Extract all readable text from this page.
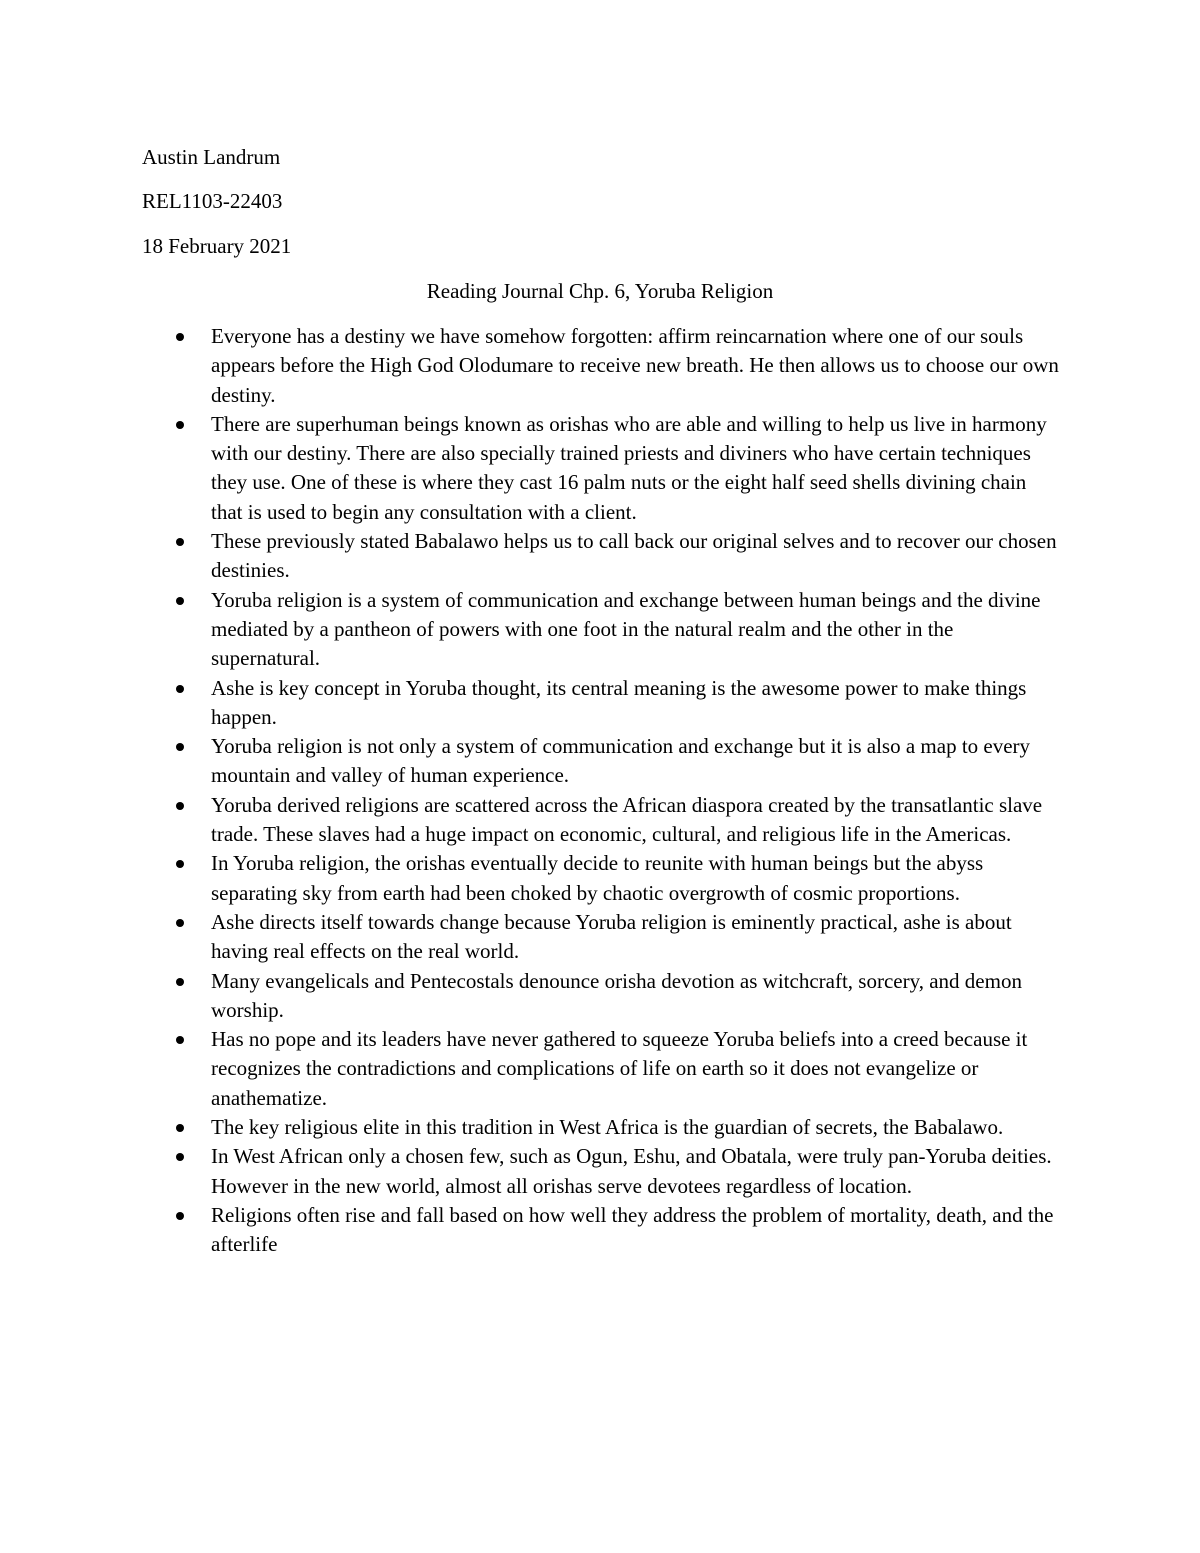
Austin Landrum
REL1103-22403
18 February 2021
Reading Journal Chp. 6, Yoruba Religion
Everyone has a destiny we have somehow forgotten: affirm reincarnation where one of our souls appears before the High God Olodumare to receive new breath. He then allows us to choose our own destiny.
There are superhuman beings known as orishas who are able and willing to help us live in harmony with our destiny. There are also specially trained priests and diviners who have certain techniques they use. One of these is where they cast 16 palm nuts or the eight half seed shells divining chain that is used to begin any consultation with a client.
These previously stated Babalawo helps us to call back our original selves and to recover our chosen destinies.
Yoruba religion is a system of communication and exchange between human beings and the divine mediated by a pantheon of powers with one foot in the natural realm and the other in the supernatural.
Ashe is key concept in Yoruba thought, its central meaning is the awesome power to make things happen.
Yoruba religion is not only a system of communication and exchange but it is also a map to every mountain and valley of human experience.
Yoruba derived religions are scattered across the African diaspora created by the transatlantic slave trade. These slaves had a huge impact on economic, cultural, and religious life in the Americas.
In Yoruba religion, the orishas eventually decide to reunite with human beings but the abyss separating sky from earth had been choked by chaotic overgrowth of cosmic proportions.
Ashe directs itself towards change because Yoruba religion is eminently practical, ashe is about having real effects on the real world.
Many evangelicals and Pentecostals denounce orisha devotion as witchcraft, sorcery, and demon worship.
Has no pope and its leaders have never gathered to squeeze Yoruba beliefs into a creed because it recognizes the contradictions and complications of life on earth so it does not evangelize or anathematize.
The key religious elite in this tradition in West Africa is the guardian of secrets, the Babalawo.
In West African only a chosen few, such as Ogun, Eshu, and Obatala, were truly pan-Yoruba deities. However in the new world, almost all orishas serve devotees regardless of location.
Religions often rise and fall based on how well they address the problem of mortality, death, and the afterlife
